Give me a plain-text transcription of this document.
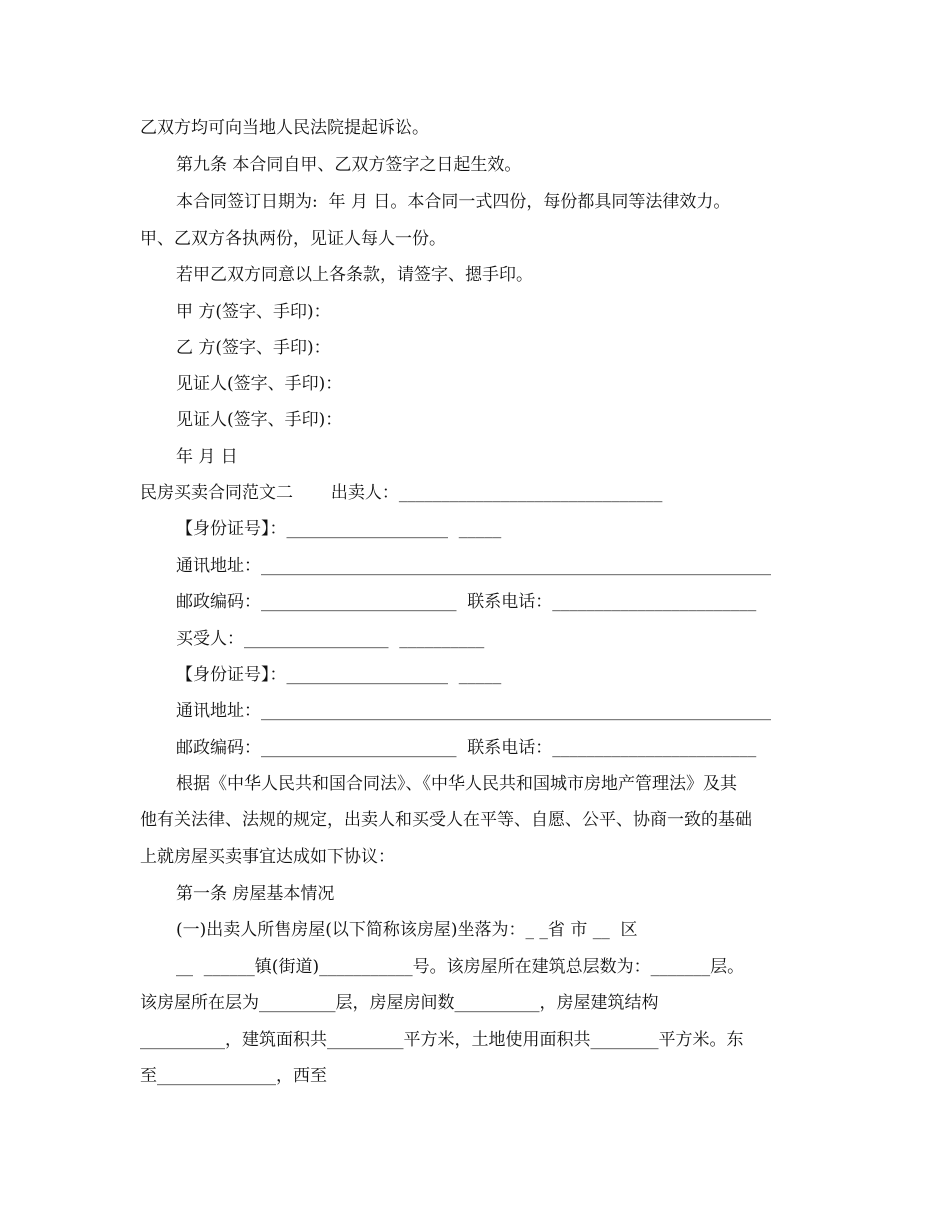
乙双方均可向当地人民法院提起诉讼。
第九条 本合同自甲、乙双方签字之日起生效。
本合同签订日期为:  年 月 日。本合同一式四份，每份都具同等法律效力。
甲、乙双方各执两份，见证人每人一份。
若甲乙双方同意以上各条款，请签字、摁手印。
甲 方(签字、手印)：
乙 方(签字、手印)：
见证人(签字、手印)：
见证人(签字、手印)：
年 月 日
民房买卖合同范文二       出卖人：_______________________________
【身份证号】：___________________  _____
通讯地址：____________________________________________________________
邮政编码：_______________________  联系电话：________________________
买受人：_________________  __________
【身份证号】：___________________  _____
通讯地址：____________________________________________________________
邮政编码：_______________________  联系电话：________________________
根据《中华人民共和国合同法》、《中华人民共和国城市房地产管理法》及其
他有关法律、法规的规定，出卖人和买受人在平等、自愿、公平、协商一致的基础
上就房屋买卖事宜达成如下协议：
第一条 房屋基本情况
(一)出卖人所售房屋(以下简称该房屋)坐落为：_ _省 市 __  区
__  ______镇(街道)___________号。该房屋所在建筑总层数为：_______层。
该房屋所在层为_________层，房屋房间数__________，房屋建筑结构
__________，建筑面积共_________平方米，土地使用面积共________平方米。东
至______________，西至
